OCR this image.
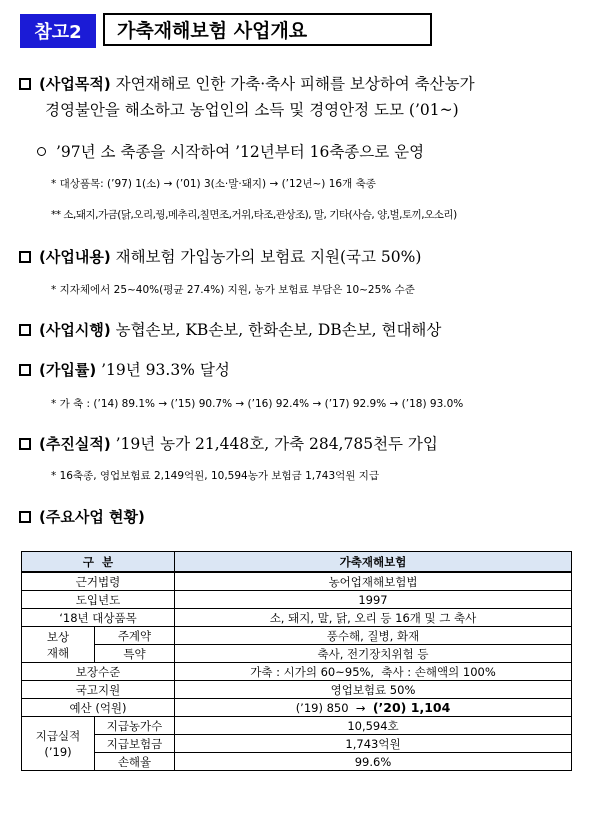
참고2	가축재해보험 사업개요
(사업목적) 자연재해로 인한 가축·축사 피해를 보상하여 축산농가
경영불안을 해소하고 농업인의 소득 및 경영안정 도모 (’01~)
’97년 소 축종을 시작하여 ’12년부터 16축종으로 운영
* 대상품목: (’97) 1(소) → (’01) 3(소·말·돼지) → (’12년~) 16개 축종
** 소,돼지,가금(닭,오리,꿩,메추리,칠면조,거위,타조,관상조), 말, 기타(사슴, 양,벌,토끼,오소리)
(사업내용) 재해보험 가입농가의 보험료 지원(국고 50%)
* 지자체에서 25~40%(평균 27.4%) 지원, 농가 보험료 부담은 10~25% 수준
(사업시행) 농협손보, KB손보, 한화손보, DB손보, 현대해상
(가입률) ’19년 93.3% 달성
* 가 축 : (’14) 89.1% → (’15) 90.7% → (’16) 92.4% → (’17) 92.9% → (’18) 93.0%
(추진실적) ’19년 농가 21,448호, 가축 284,785천두 가입
* 16축종, 영업보험료 2,149억원, 10,594농가 보험금 1,743억원 지급
(주요사업 현황)
구  분		가축재해보험
근거법령		농어업재해보험법
도입년도		1997
‘18년 대상품목		소, 돼지, 말, 닭, 오리 등 16개 및 그 축사
보상
재해	주계약	풍수해, 질병, 화재
	특약	축사, 전기장치위험 등
보장수준		가축 : 시가의 60~95%,  축사 : 손해액의 100%
국고지원		영업보험료 50%
예산 (억원)		(’19) 850  →  (’20) 1,104
지급실적
(’19)	지급농가수	10,594호
	지급보험금	1,743억원
	손해율	99.6%
